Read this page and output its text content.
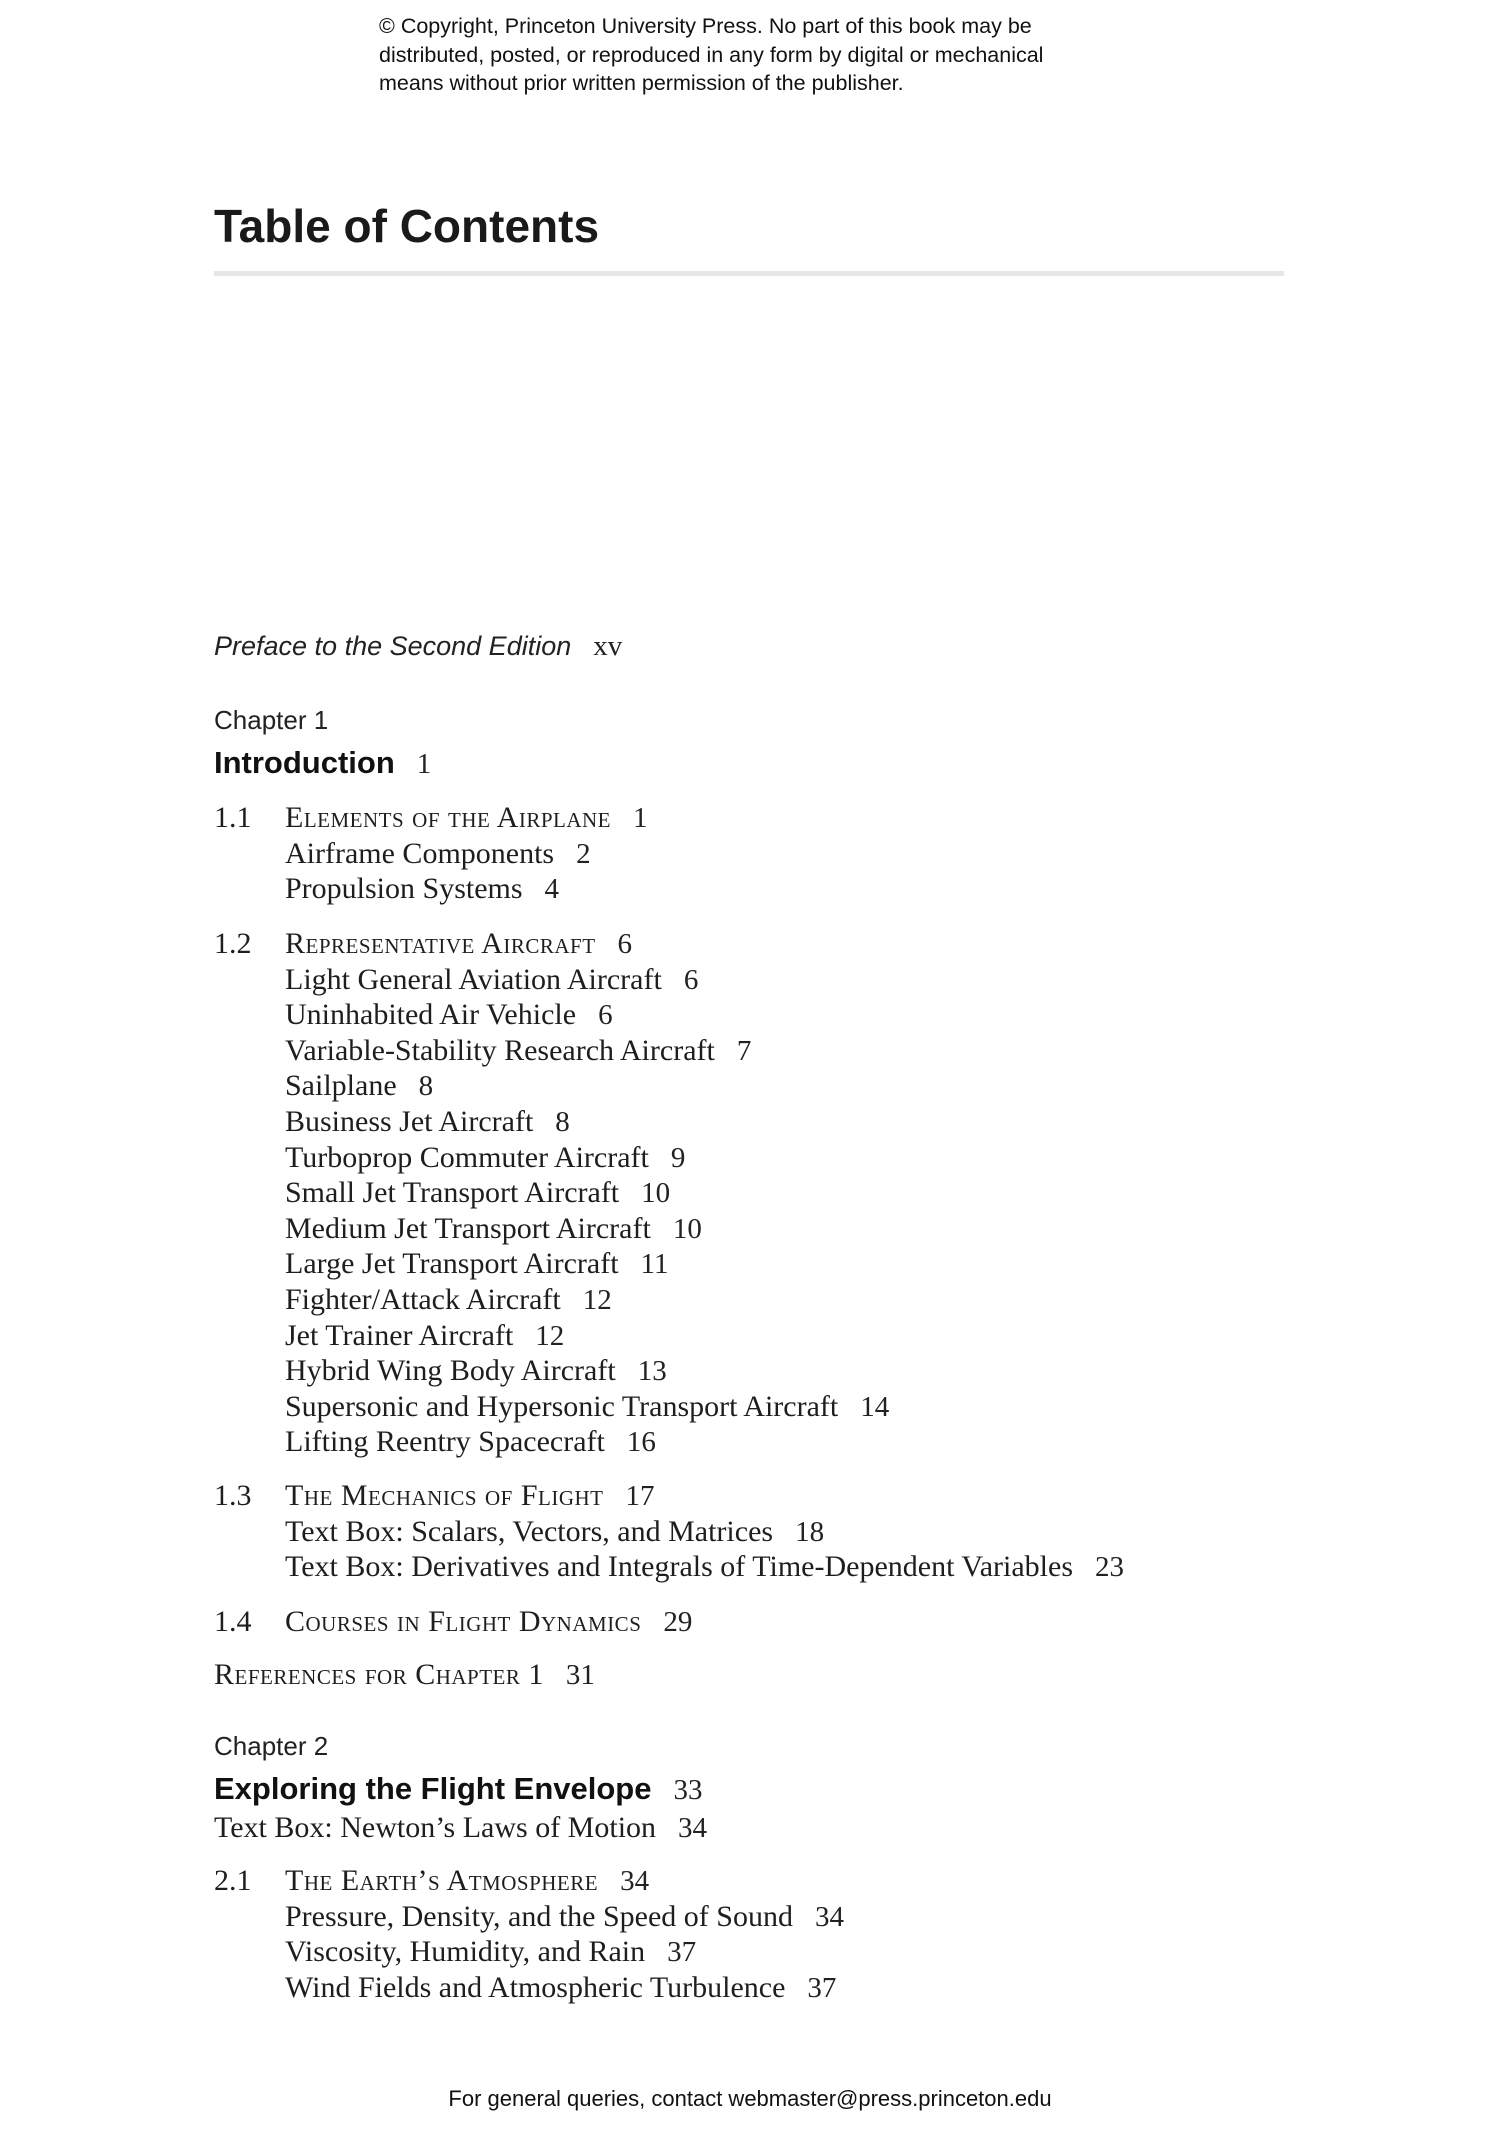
© Copyright, Princeton University Press. No part of this book may be
distributed, posted, or reproduced in any form by digital or mechanical
means without prior written permission of the publisher.
Table of Contents
Preface to the Second Edition xv
Chapter 1
Introduction 1
Chapter 2
Exploring the Flight Envelope 33
1.1 Elements of the Airplane 1
Airframe Components 2
Propulsion Systems 4
1.2 Representative Aircraft 6
Light General Aviation Aircraft 6
Uninhabited Air Vehicle 6
Variable-Stability Research Aircraft 7
Sailplane 8
Business Jet Aircraft 8
Turboprop Commuter Aircraft 9
Small Jet Transport Aircraft 10
Medium Jet Transport Aircraft 10
Large Jet Transport Aircraft 11
Fighter/Attack Aircraft 12
Jet Trainer Aircraft 12
Hybrid Wing Body Aircraft 13
Supersonic and Hypersonic Transport Aircraft 14
Lifting Reentry Spacecraft 16
1.3 The Mechanics of Flight 17
Text Box: Scalars, Vectors, and Matrices 18
Text Box: Derivatives and Integrals of Time-Dependent Variables 23
1.4 Courses in Flight Dynamics 29
References for Chapter 1 31
Text Box: Newton’s Laws of Motion 34
2.1 The Earth’s Atmosphere 34
Pressure, Density, and the Speed of Sound 34
Viscosity, Humidity, and Rain 37
Wind Fields and Atmospheric Turbulence 37
For general queries, contact webmaster@press.princeton.edu
